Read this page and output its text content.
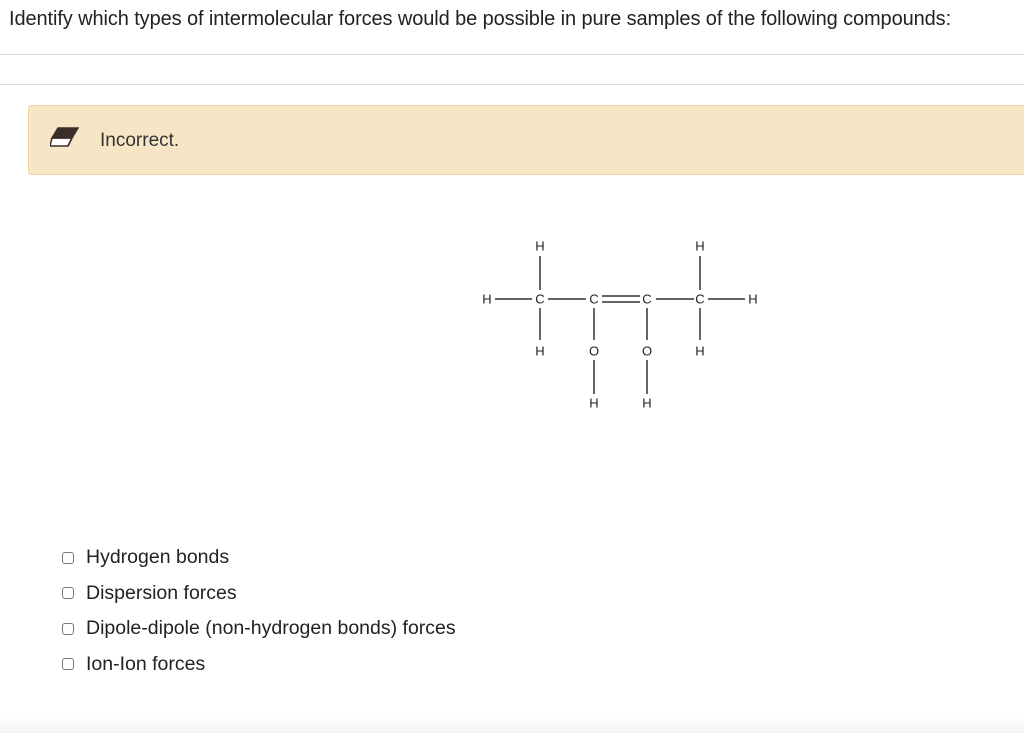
Identify which types of intermolecular forces would be possible in pure samples of the following compounds:
Incorrect.
H	H
H	C	C	C	C	H
H	O	O	H
H	H
Hydrogen bonds
Dispersion forces
Dipole-dipole (non-hydrogen bonds) forces
Ion-Ion forces
